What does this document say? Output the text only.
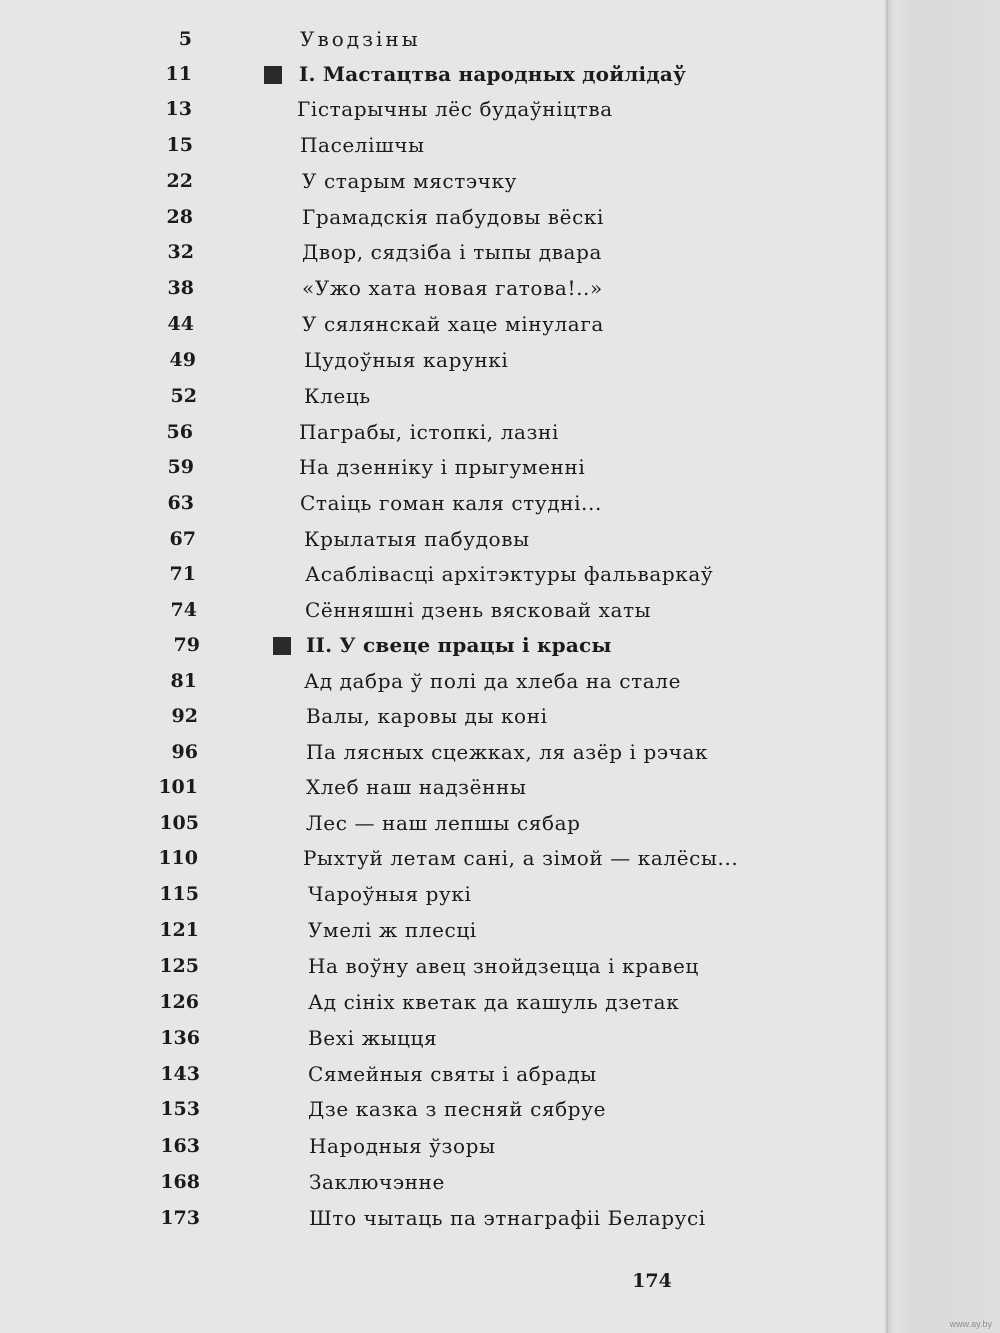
5	Уводзіны
11	I. Мастацтва народных дойлідаў
13	Гістарычны лёс будаўніцтва
15	Паселішчы
22	У старым мястэчку
28	Грамадскія пабудовы вёскі
32	Двор, сядзіба і тыпы двара
38	«Ужо хата новая гатова!..»
44	У сялянскай хаце мінулага
49	Цудоўныя карункі
52	Клець
56	Паграбы, істопкі, лазні
59	На дзенніку і прыгуменні
63	Стаіць гоман каля студні...
67	Крылатыя пабудовы
71	Асаблівасці архітэктуры фальваркаў
74	Сённяшні дзень вясковай хаты
79	II. У свеце працы і красы
81	Ад дабра ў полі да хлеба на стале
92	Валы, каровы ды коні
96	Па лясных сцежках, ля азёр і рэчак
101	Хлеб наш надзённы
105	Лес — наш лепшы сябар
110	Рыхтуй летам сані, а зімой — калёсы...
115	Чароўныя рукі
121	Умелі ж плесці
125	На воўну авец знойдзецца і кравец
126	Ад сініх кветак да кашуль дзетак
136	Вехі жыцця
143	Сямейныя святы і абрады
153	Дзе казка з песняй сябруе
163	Народныя ўзоры
168	Заключэнне
173	Што чытаць па этнаграфіі Беларусі
174
www.ay.by
